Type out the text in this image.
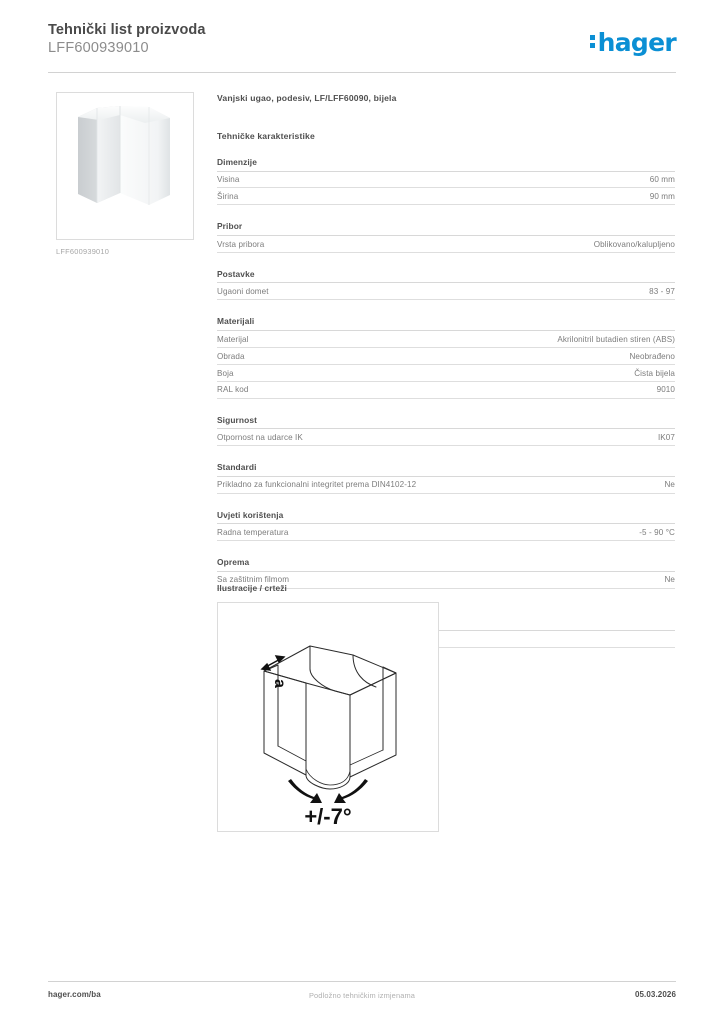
Tehnički list proizvoda
LFF600939010	hager
LFF600939010
Vanjski ugao, podesiv, LF/LFF60090, bijela
Tehničke karakteristike
Dimenzije
Visina	60 mm
Širina	90 mm
Pribor
Vrsta pribora	Oblikovano/kalupljeno
Postavke
Ugaoni domet	83 - 97
Materijali
Materijal	Akrilonitril butadien stiren (ABS)
Obrada	Neobrađeno
Boja	Čista bijela
RAL kod	9010
Sigurnost
Otpornost na udarce IK	IK07
Standardi
Prikladno za funkcionalni integritet prema DIN4102-12	Ne
Uvjeti korištenja
Radna temperatura	-5 - 90 °C
Oprema
Sa zaštitnim filmom	Ne
Ilustracije / crteži
a
+/-7°
hager.com/ba	Podložno tehničkim izmjenama	05.03.2026
